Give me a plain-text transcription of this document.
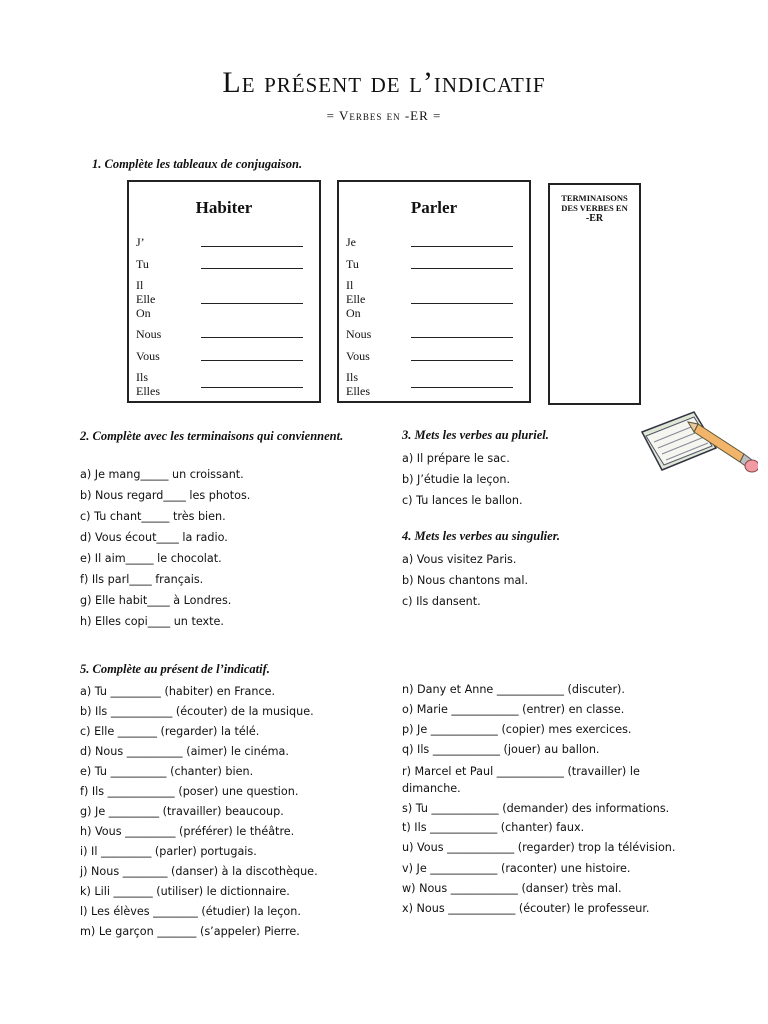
Le présent de l’indicatif
= Verbes en -ER =
1. Complète les tableaux de conjugaison.
Habiter
J’
Tu
Il
Elle
On
Nous
Vous
Ils
Elles
Parler
Je
Tu
Il
Elle
On
Nous
Vous
Ils
Elles
TERMINAISONS
DES VERBES EN
-ER
2. Complète avec les terminaisons qui conviennent.
a) Je mang_____ un croissant.
b) Nous regard____ les photos.
c) Tu chant_____ très bien.
d) Vous écout____ la radio.
e) Il aim_____ le chocolat.
f) Ils parl____ français.
g) Elle habit____ à Londres.
h) Elles copi____ un texte.
3. Mets les verbes au pluriel.
a) Il prépare le sac.
b) J’étudie la leçon.
c) Tu lances le ballon.
4. Mets les verbes au singulier.
a) Vous visitez Paris.
b) Nous chantons mal.
c) Ils dansent.
5. Complète au présent de l’indicatif.
a) Tu _________ (habiter) en France.
b) Ils ___________ (écouter) de la musique.
c) Elle _______ (regarder) la télé.
d) Nous __________ (aimer) le cinéma.
e) Tu __________ (chanter) bien.
f) Ils ____________ (poser) une question.
g) Je _________ (travailler) beaucoup.
h) Vous _________ (préférer) le théâtre.
i) Il _________ (parler) portugais.
j) Nous ________ (danser) à la discothèque.
k) Lili _______ (utiliser) le dictionnaire.
l) Les élèves ________ (étudier) la leçon.
m) Le garçon _______ (s’appeler) Pierre.
n) Dany et Anne ____________ (discuter).
o) Marie ____________ (entrer) en classe.
p) Je ____________ (copier) mes exercices.
q) Ils ____________ (jouer) au ballon.
r) Marcel et Paul ____________ (travailler) le dimanche.
s) Tu ____________ (demander) des informations.
t) Ils ____________ (chanter) faux.
u) Vous ____________ (regarder) trop la télévision.
v) Je ____________ (raconter) une histoire.
w) Nous ____________ (danser) très mal.
x) Nous ____________ (écouter) le professeur.
